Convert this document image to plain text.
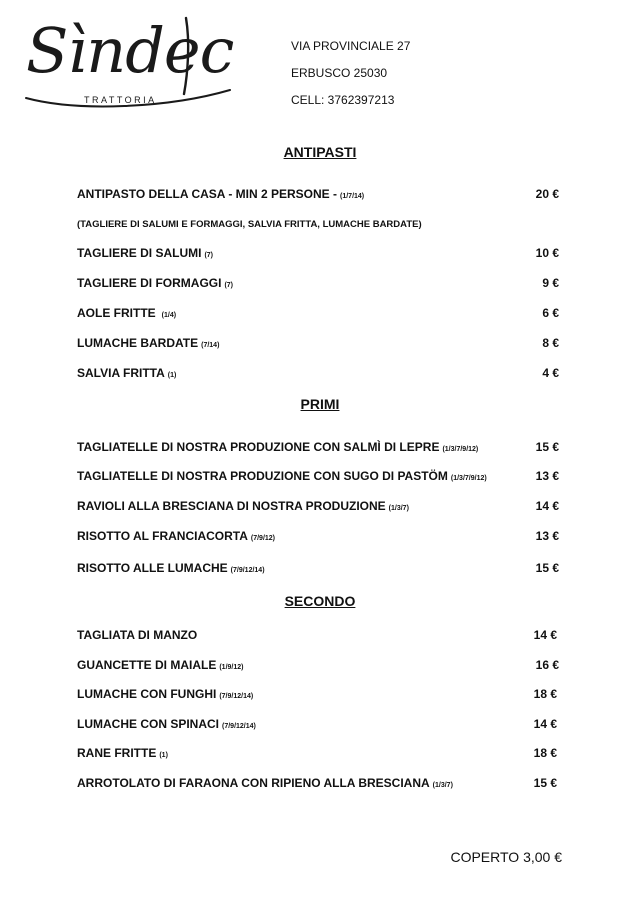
Sìndec
TRATTORIA
VIA PROVINCIALE 27
ERBUSCO 25030
CELL: 3762397213
ANTIPASTI
ANTIPASTO DELLA CASA - MIN 2 PERSONE - (1/7/14)	20 €
(TAGLIERE DI SALUMI E FORMAGGI, SALVIA FRITTA, LUMACHE BARDATE)
TAGLIERE DI SALUMI (7)	10 €
TAGLIERE DI FORMAGGI (7)	9 €
AOLE FRITTE (1/4)	6 €
LUMACHE BARDATE (7/14)	8 €
SALVIA FRITTA (1)	4 €
PRIMI
TAGLIATELLE DI NOSTRA PRODUZIONE CON SALMÌ DI LEPRE (1/3/7/9/12)	15 €
TAGLIATELLE DI NOSTRA PRODUZIONE CON SUGO DI PASTÖM (1/3/7/9/12)	13 €
RAVIOLI ALLA BRESCIANA DI NOSTRA PRODUZIONE (1/3/7)	14 €
RISOTTO AL FRANCIACORTA (7/9/12)	13 €
RISOTTO ALLE LUMACHE (7/9/12/14)	15 €
SECONDO
TAGLIATA DI MANZO	14 €
GUANCETTE DI MAIALE (1/9/12)	16 €
LUMACHE CON FUNGHI (7/9/12/14)	18 €
LUMACHE CON SPINACI (7/9/12/14)	14 €
RANE FRITTE (1)	18 €
ARROTOLATO DI FARAONA CON RIPIENO ALLA BRESCIANA (1/3/7)	15 €
COPERTO 3,00 €
